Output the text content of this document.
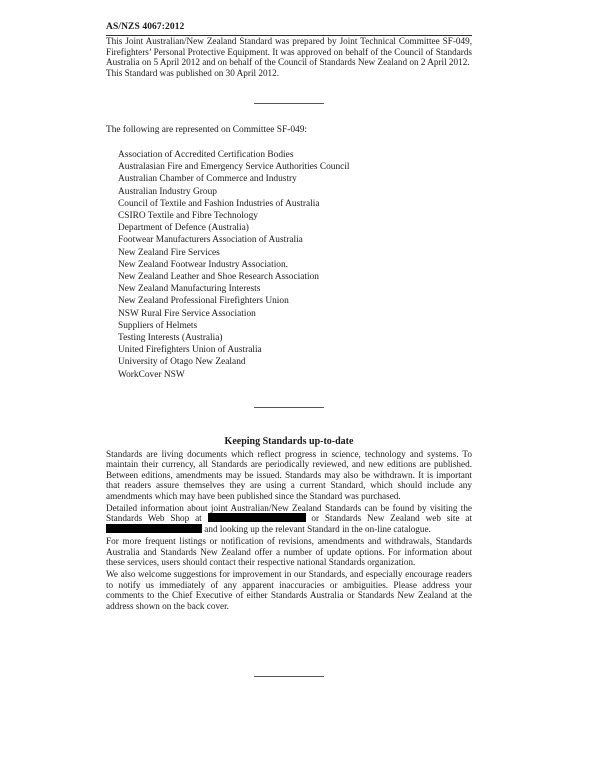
AS/NZS 4067:2012

This Joint Australian/New Zealand Standard was prepared by Joint Technical Committee SF-049, Firefighters’ Personal Protective Equipment. It was approved on behalf of the Council of Standards Australia on 5 April 2012 and on behalf of the Council of Standards New Zealand on 2 April 2012.

This Standard was published on 30 April 2012.

The following are represented on Committee SF-049:
Association of Accredited Certification Bodies
Australasian Fire and Emergency Service Authorities Council
Australian Chamber of Commerce and Industry
Australian Industry Group
Council of Textile and Fashion Industries of Australia
CSIRO Textile and Fibre Technology
Department of Defence (Australia)
Footwear Manufacturers Association of Australia
New Zealand Fire Services
New Zealand Footwear Industry Association.
New Zealand Leather and Shoe Research Association
New Zealand Manufacturing Interests
New Zealand Professional Firefighters Union
NSW Rural Fire Service Association
Suppliers of Helmets
Testing Interests (Australia)
United Firefighters Union of Australia
University of Otago New Zealand
WorkCover NSW
Keeping Standards up-to-date

Standards are living documents which reflect progress in science, technology and systems. To maintain their currency, all Standards are periodically reviewed, and new editions are published. Between editions, amendments may be issued. Standards may also be withdrawn. It is important that readers assure themselves they are using a current Standard, which should include any amendments which may have been published since the Standard was purchased.

Detailed information about joint Australian/New Zealand Standards can be found by visiting the Standards Web Shop at	or Standards New Zealand web site at  and looking up the relevant Standard in the on-line catalogue.

For more frequent listings or notification of revisions, amendments and withdrawals, Standards Australia and Standards New Zealand offer a number of update options. For information about these services, users should contact their respective national Standards organization.

We also welcome suggestions for improvement in our Standards, and especially encourage readers to notify us immediately of any apparent inaccuracies or ambiguities. Please address your comments to the Chief Executive of either Standards Australia or Standards New Zealand at the address shown on the back cover.
